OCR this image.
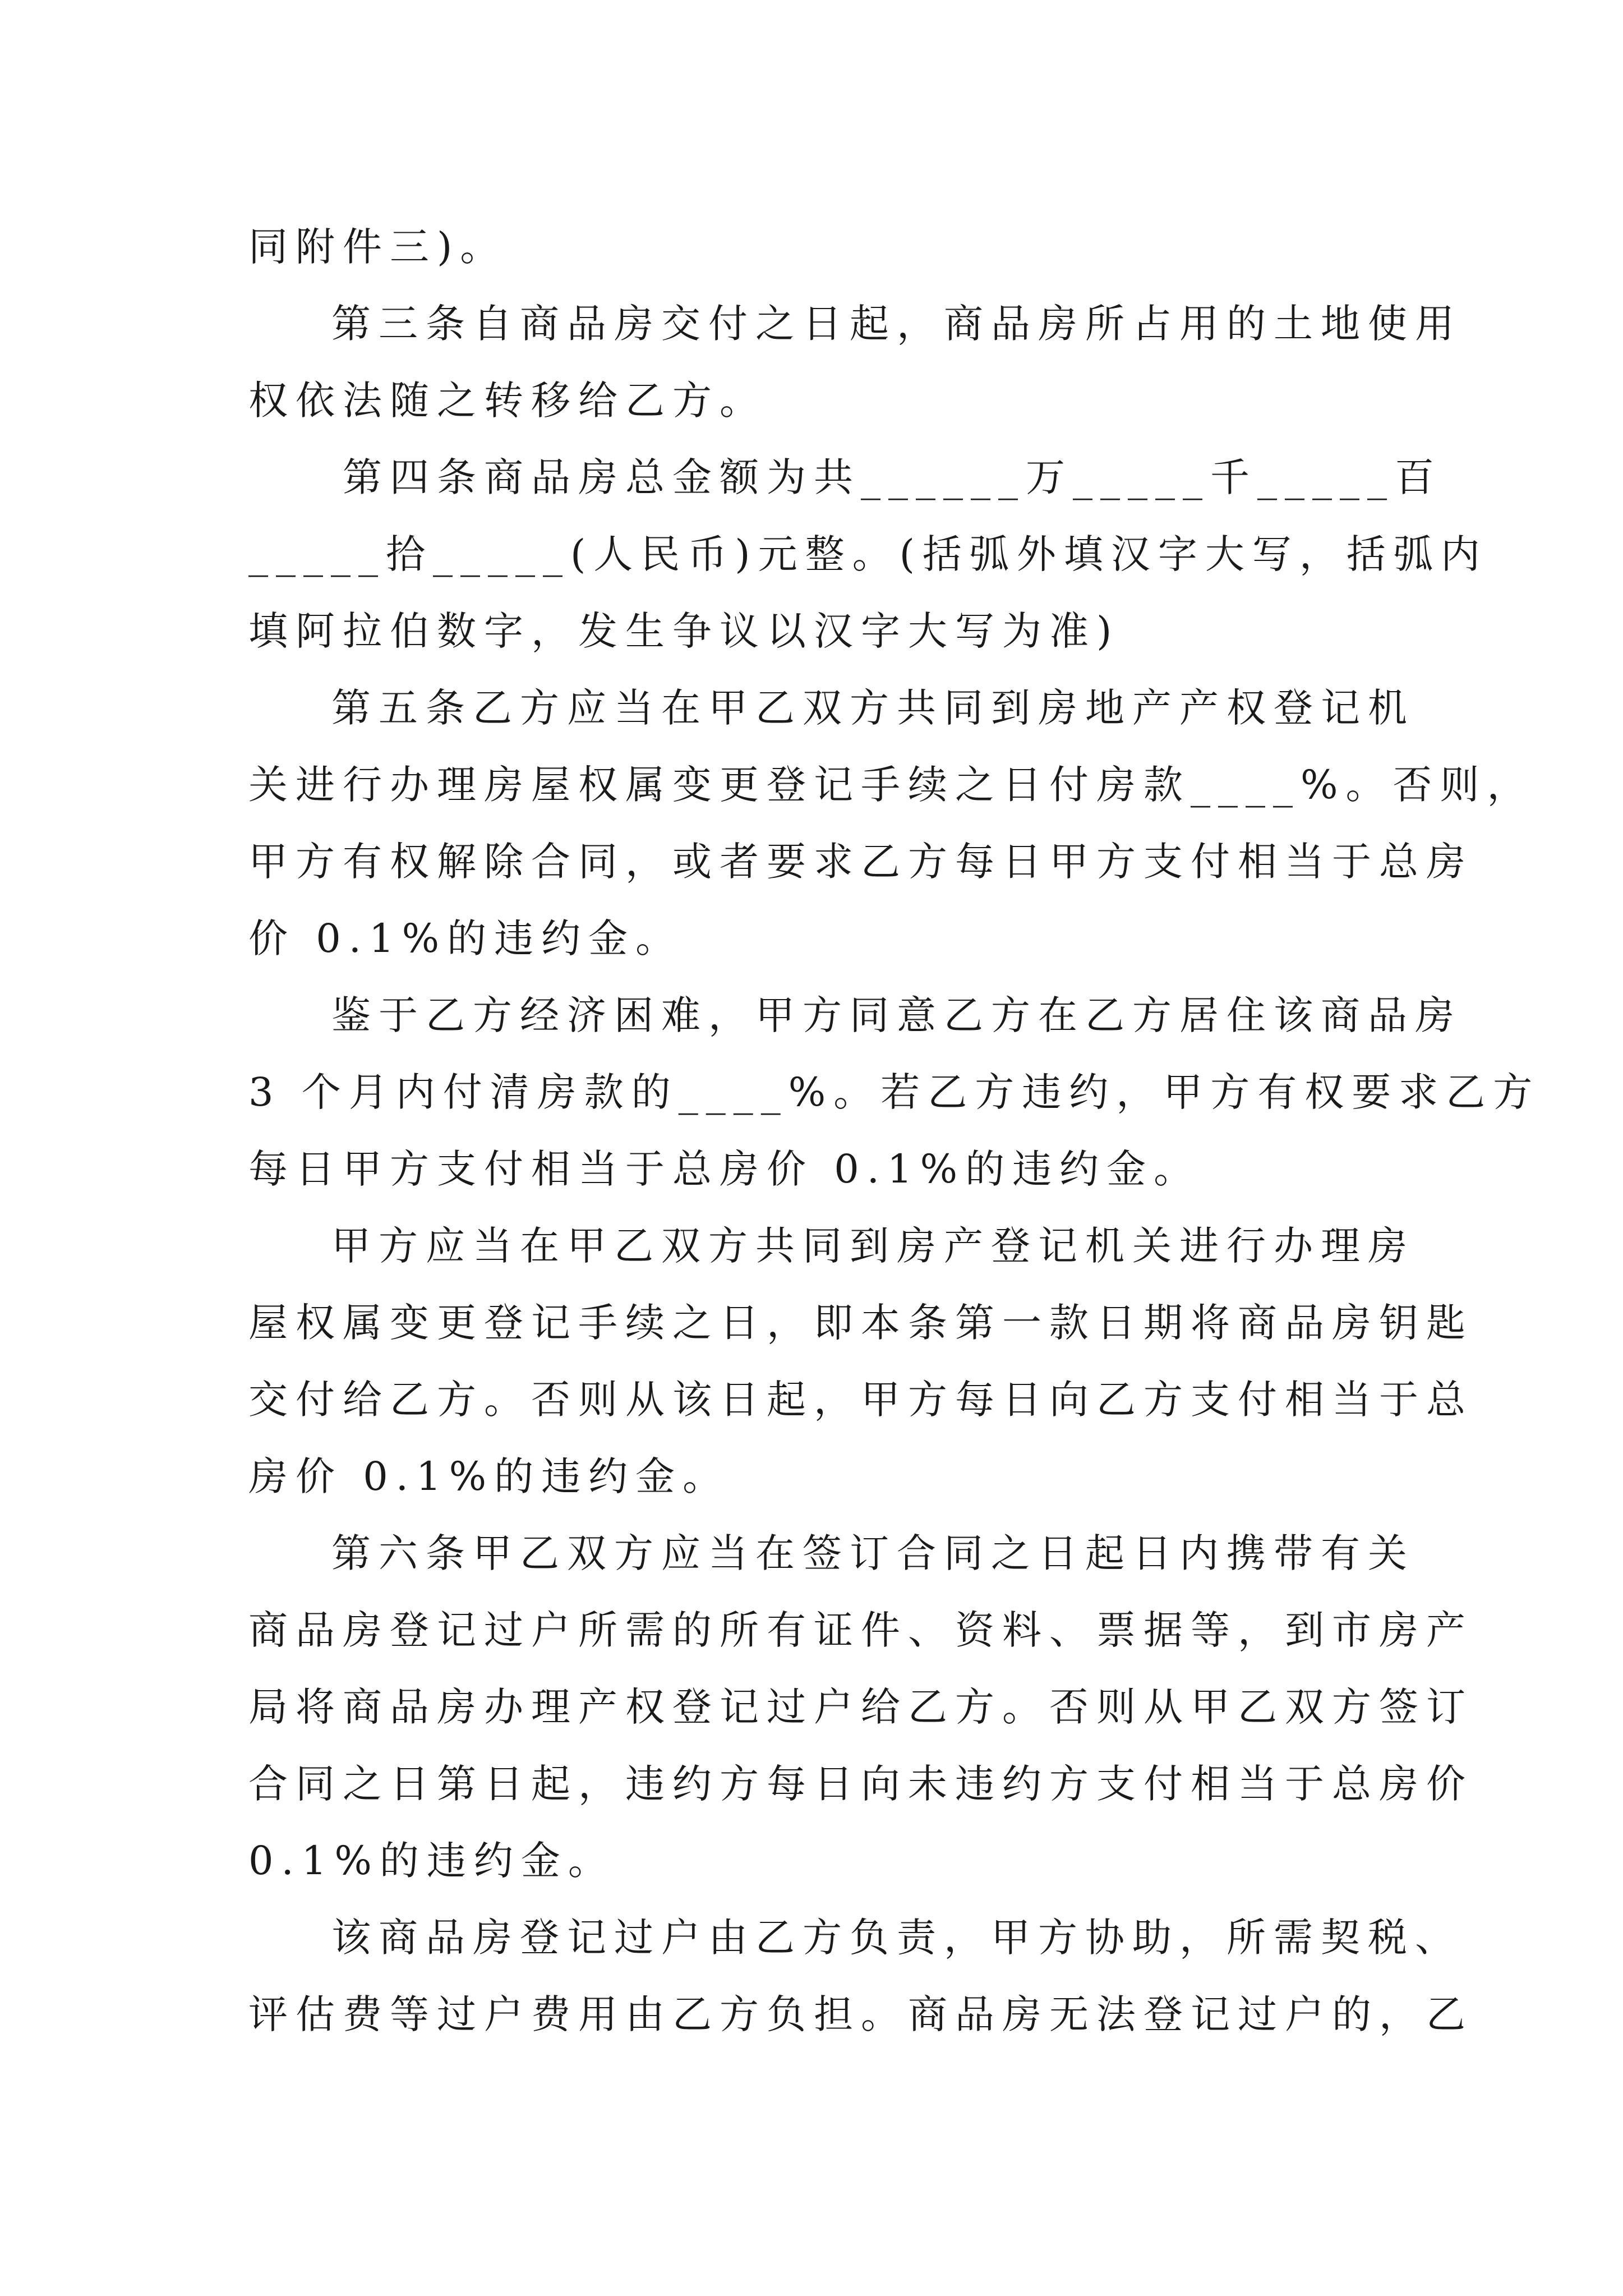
同附件三)。
第三条自商品房交付之日起，商品房所占用的土地使用
权依法随之转移给乙方。
第四条商品房总金额为共______万_____千_____百
_____拾_____(人民币)元整。(括弧外填汉字大写，括弧内
填阿拉伯数字，发生争议以汉字大写为准)
第五条乙方应当在甲乙双方共同到房地产产权登记机
关进行办理房屋权属变更登记手续之日付房款____%。否则，
甲方有权解除合同，或者要求乙方每日甲方支付相当于总房
价 0.1%的违约金。
鉴于乙方经济困难，甲方同意乙方在乙方居住该商品房
3 个月内付清房款的____%。若乙方违约，甲方有权要求乙方
每日甲方支付相当于总房价 0.1%的违约金。
甲方应当在甲乙双方共同到房产登记机关进行办理房
屋权属变更登记手续之日，即本条第一款日期将商品房钥匙
交付给乙方。否则从该日起，甲方每日向乙方支付相当于总
房价 0.1%的违约金。
第六条甲乙双方应当在签订合同之日起日内携带有关
商品房登记过户所需的所有证件、资料、票据等，到市房产
局将商品房办理产权登记过户给乙方。否则从甲乙双方签订
合同之日第日起，违约方每日向未违约方支付相当于总房价
0.1%的违约金。
该商品房登记过户由乙方负责，甲方协助，所需契税、
评估费等过户费用由乙方负担。商品房无法登记过户的，乙
